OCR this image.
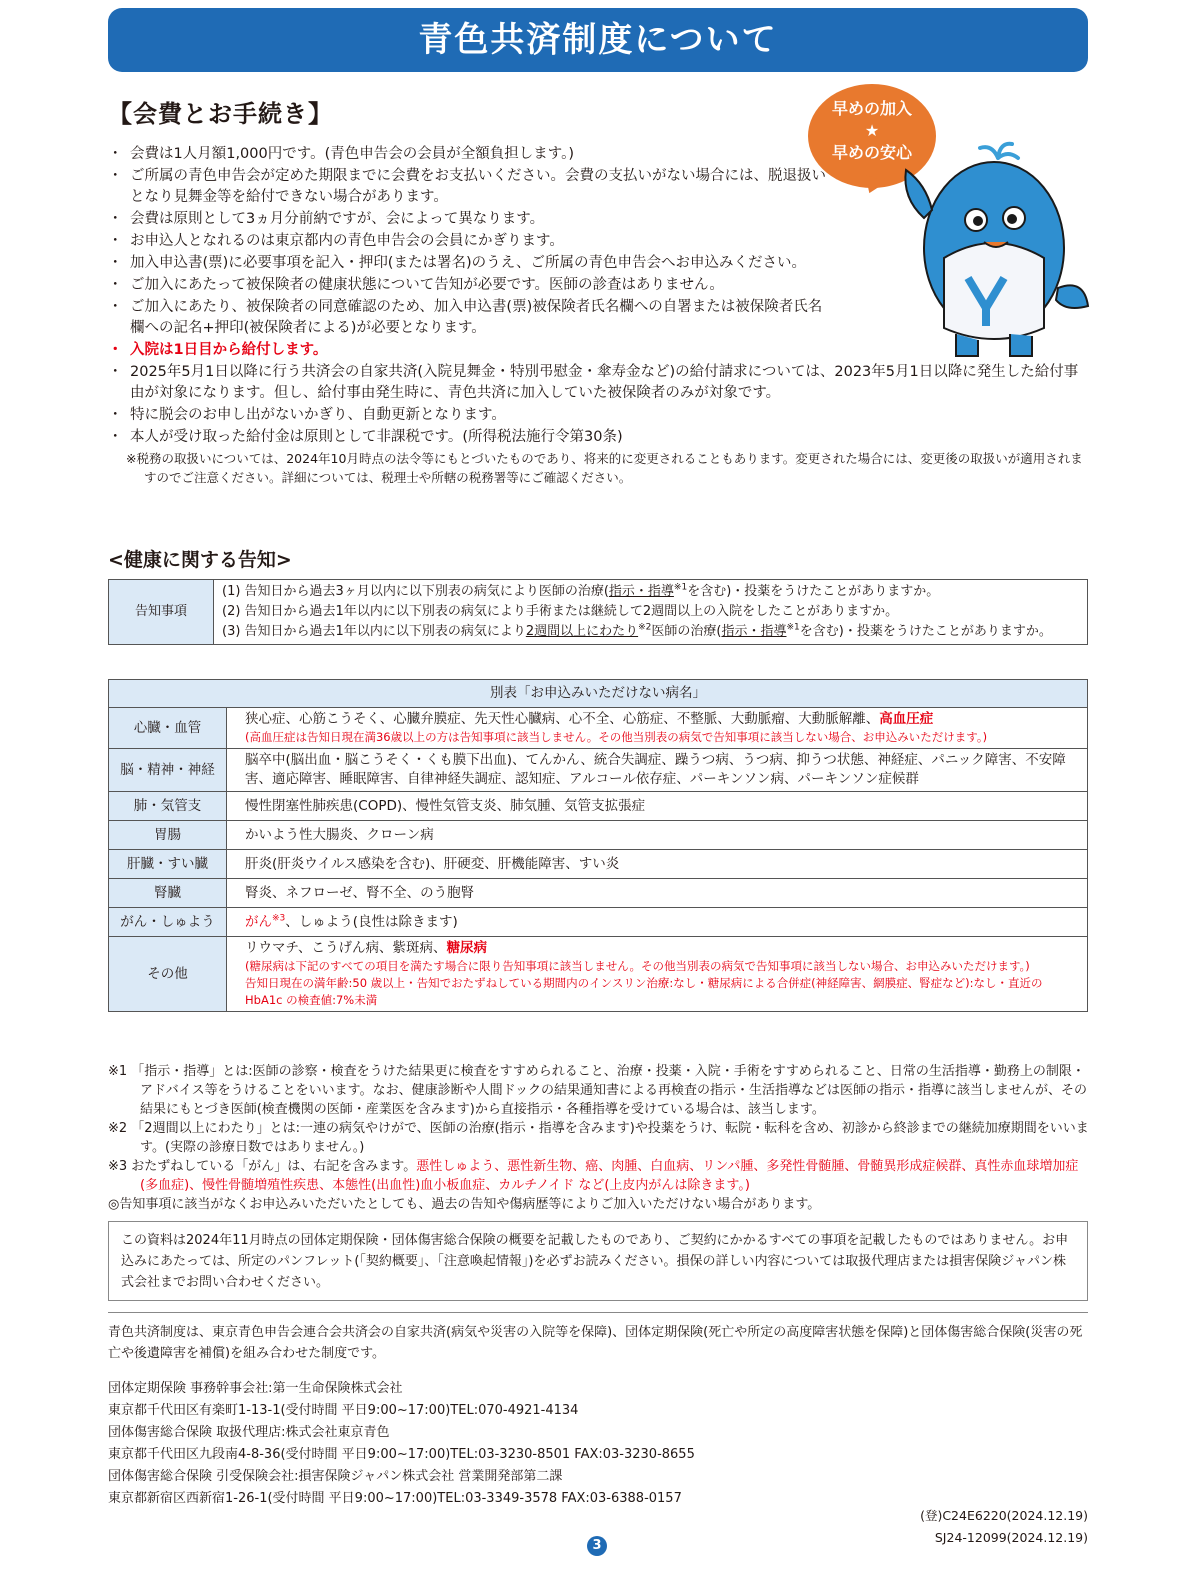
青色共済制度について
早めの加入
★
早めの安心
【会費とお手続き】
・ 会費は1人月額1,000円です。(青色申告会の会員が全額負担します。)
・ ご所属の青色申告会が定めた期限までに会費をお支払いください。会費の支払いがない場合には、脱退扱いとなり見舞金等を給付できない場合があります。
・ 会費は原則として3ヵ月分前納ですが、会によって異なります。
・ お申込人となれるのは東京都内の青色申告会の会員にかぎります。
・ 加入申込書(票)に必要事項を記入・押印(または署名)のうえ、ご所属の青色申告会へお申込みください。
・ ご加入にあたって被保険者の健康状態について告知が必要です。医師の診査はありません。
・ ご加入にあたり、被保険者の同意確認のため、加入申込書(票)被保険者氏名欄への自署または被保険者氏名欄への記名+押印(被保険者による)が必要となります。
・ 入院は1日目から給付します。
・ 2025年5月1日以降に行う共済会の自家共済(入院見舞金・特別弔慰金・傘寿金など)の給付請求については、2023年5月1日以降に発生した給付事由が対象になります。但し、給付事由発生時に、青色共済に加入していた被保険者のみが対象です。
・ 特に脱会のお申し出がないかぎり、自動更新となります。
・ 本人が受け取った給付金は原則として非課税です。(所得税法施行令第30条)
※税務の取扱いについては、2024年10月時点の法令等にもとづいたものであり、将来的に変更されることもあります。変更された場合には、変更後の取扱いが適用されますのでご注意ください。詳細については、税理士や所轄の税務署等にご確認ください。
<健康に関する告知>
告知事項	
(1) 告知日から過去3ヶ月以内に以下別表の病気により医師の治療(指示・指導$^{※1}$を含む)・投薬をうけたことがありますか。
(2) 告知日から過去1年以内に以下別表の病気により手術または継続して2週間以上の入院をしたことがありますか。
(3) 告知日から過去1年以内に以下別表の病気により2週間以上にわたり$^{※2}$医師の治療(指示・指導$^{※1}$を含む)・投薬をうけたことがありますか。
別表「お申込みいただけない病名」	
心臓・血管	狭心症、心筋こうそく、心臓弁膜症、先天性心臓病、心不全、心筋症、不整脈、大動脈瘤、大動脈解離、高血圧症
(高血圧症は告知日現在満36歳以上の方は告知事項に該当しません。その他当別表の病気で告知事項に該当しない場合、お申込みいただけます。)

脳・精神・神経	脳卒中(脳出血・脳こうそく・くも膜下出血)、てんかん、統合失調症、躁うつ病、うつ病、抑うつ状態、神経症、パニック障害、不安障害、適応障害、睡眠障害、自律神経失調症、認知症、アルコール依存症、パーキンソン病、パーキンソン症候群
肺・気管支	慢性閉塞性肺疾患(COPD)、慢性気管支炎、肺気腫、気管支拡張症
胃腸	かいよう性大腸炎、クローン病
肝臓・すい臓	肝炎(肝炎ウイルス感染を含む)、肝硬変、肝機能障害、すい炎
腎臓	腎炎、ネフローゼ、腎不全、のう胞腎
がん・しゅよう	がん$^{※3}$、しゅよう(良性は除きます)
その他	リウマチ、こうげん病、紫斑病、糖尿病
(糖尿病は下記のすべての項目を満たす場合に限り告知事項に該当しません。その他当別表の病気で告知事項に該当しない場合、お申込みいただけます。)
告知日現在の満年齢:50 歳以上・告知でおたずねしている期間内のインスリン治療:なし・糖尿病による合併症(神経障害、網膜症、腎症など):なし・直近の HbA1c の検査値:7%未満
※1 「指示・指導」とは:医師の診察・検査をうけた結果更に検査をすすめられること、治療・投薬・入院・手術をすすめられること、日常の生活指導・勤務上の制限・アドバイス等をうけることをいいます。なお、健康診断や人間ドックの結果通知書による再検査の指示・生活指導などは医師の指示・指導に該当しませんが、その結果にもとづき医師(検査機関の医師・産業医を含みます)から直接指示・各種指導を受けている場合は、該当します。
※2 「2週間以上にわたり」とは:一連の病気やけがで、医師の治療(指示・指導を含みます)や投薬をうけ、転院・転科を含め、初診から終診までの継続加療期間をいいます。(実際の診療日数ではありません。)
※3 おたずねしている「がん」は、右記を含みます。悪性しゅよう、悪性新生物、癌、肉腫、白血病、リンパ腫、多発性骨髄腫、骨髄異形成症候群、真性赤血球増加症(多血症)、慢性骨髄増殖性疾患、本態性(出血性)血小板血症、カルチノイド など(上皮内がんは除きます。)
◎告知事項に該当がなくお申込みいただいたとしても、過去の告知や傷病歴等によりご加入いただけない場合があります。
この資料は2024年11月時点の団体定期保険・団体傷害総合保険の概要を記載したものであり、ご契約にかかるすべての事項を記載したものではありません。お申込みにあたっては、所定のパンフレット(「契約概要」、「注意喚起情報」)を必ずお読みください。損保の詳しい内容については取扱代理店または損害保険ジャパン株式会社までお問い合わせください。
青色共済制度は、東京青色申告会連合会共済会の自家共済(病気や災害の入院等を保障)、団体定期保険(死亡や所定の高度障害状態を保障)と団体傷害総合保険(災害の死亡や後遺障害を補償)を組み合わせた制度です。
団体定期保険 事務幹事会社:第一生命保険株式会社
東京都千代田区有楽町1-13-1(受付時間 平日9:00~17:00)TEL:070-4921-4134
団体傷害総合保険 取扱代理店:株式会社東京青色
東京都千代田区九段南4-8-36(受付時間 平日9:00~17:00)TEL:03-3230-8501 FAX:03-3230-8655
団体傷害総合保険 引受保険会社:損害保険ジャパン株式会社 営業開発部第二課
東京都新宿区西新宿1-26-1(受付時間 平日9:00~17:00)TEL:03-3349-3578 FAX:03-6388-0157
(登)C24E6220(2024.12.19)
SJ24-12099(2024.12.19)
3
